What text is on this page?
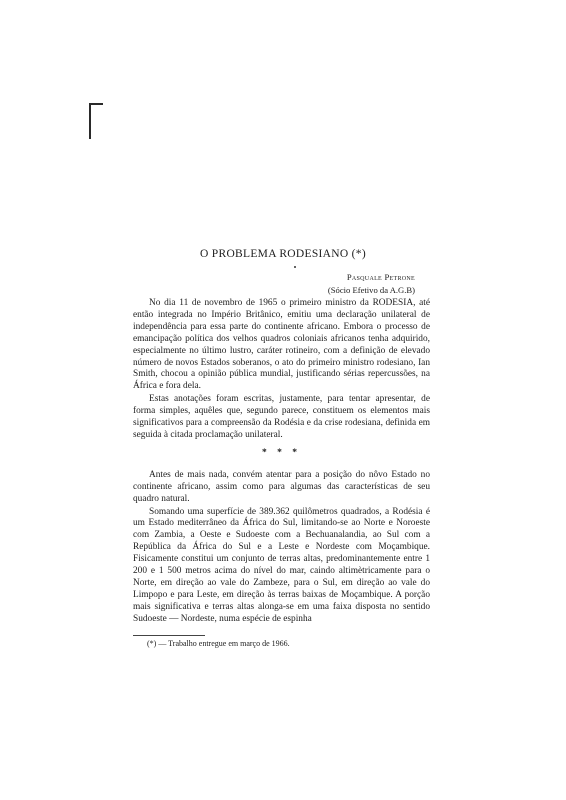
O PROBLEMA RODESIANO (*)
Pasquale Petrone
(Sócio Efetivo da A.G.B)

No dia 11 de novembro de 1965 o primeiro ministro da RODESIA, até então integrada no Império Britânico, emitiu uma declaração unilateral de independência para essa parte do continente africano. Embora o processo de emancipação política dos velhos quadros coloniais africanos tenha adquirido, especialmente no último lustro, caráter rotineiro, com a definição de elevado número de novos Estados soberanos, o ato do primeiro ministro rodesiano, Ian Smith, chocou a opinião pública mundial, justificando sérias repercussões, na África e fora dela.

Estas anotações foram escritas, justamente, para tentar apresentar, de forma simples, aquêles que, segundo parece, constituem os elementos mais significativos para a compreensão da Rodésia e da crise rodesiana, definida em seguida à citada proclamação unilateral.

* * *

Antes de mais nada, convém atentar para a posição do nôvo Estado no continente africano, assim como para algumas das características de seu quadro natural.

Somando uma superfície de 389.362 quilômetros quadrados, a Rodésia é um Estado mediterrâneo da África do Sul, limitando-se ao Norte e Noroeste com Zambia, a Oeste e Sudoeste com a Bechuanalandia, ao Sul com a República da África do Sul e a Leste e Nordeste com Moçambique. Fisicamente constitui um conjunto de terras altas, predominantemente entre 1 200 e 1 500 metros acima do nível do mar, caindo altimètricamente para o Norte, em direção ao vale do Zambeze, para o Sul, em direção ao vale do Limpopo e para Leste, em direção às terras baixas de Moçambique. A porção mais significativa e terras altas alonga-se em uma faixa disposta no sentido Sudoeste — Nordeste, numa espécie de espinha

(*) — Trabalho entregue em março de 1966.
